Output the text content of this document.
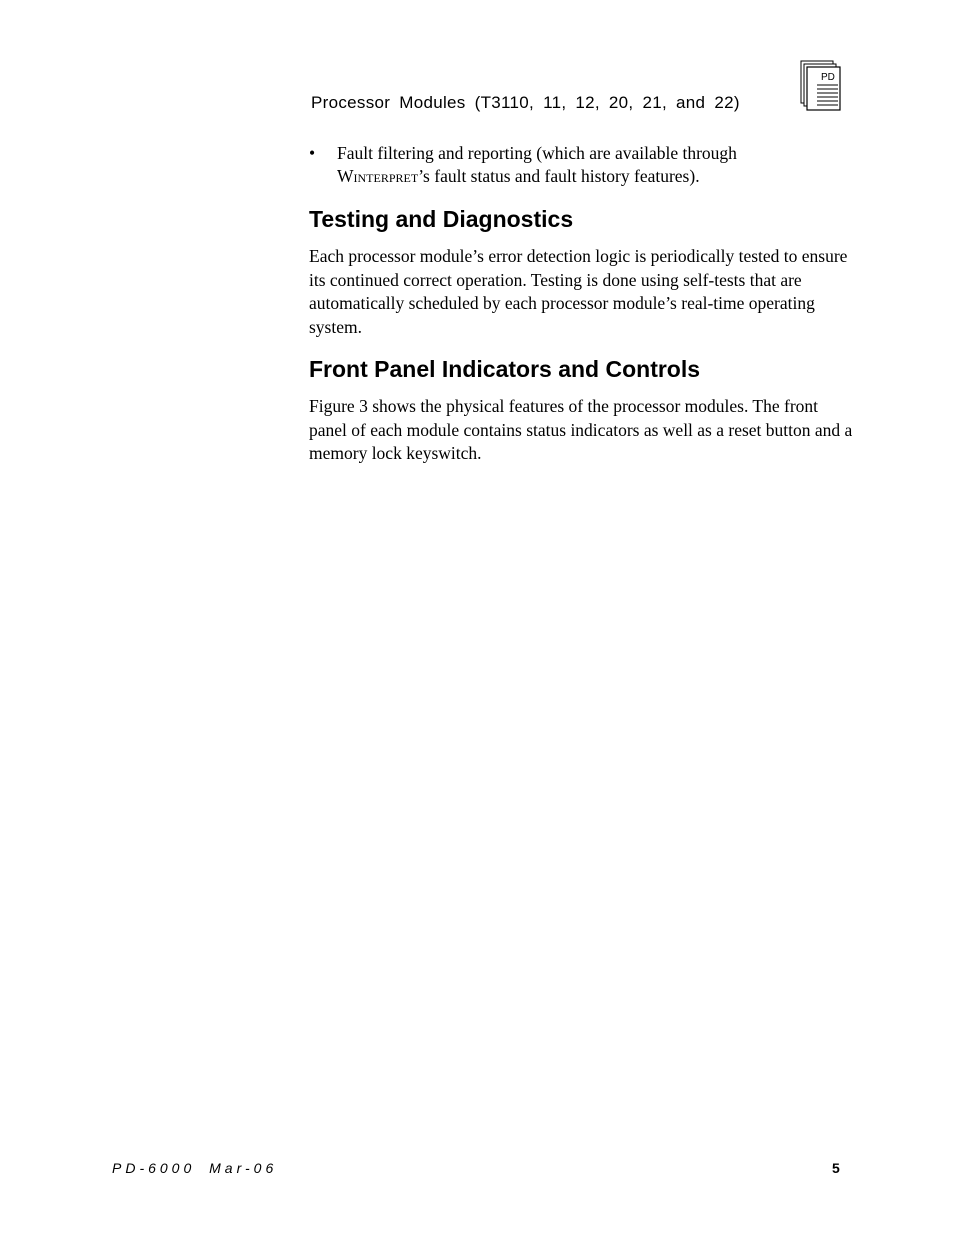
Processor Modules (T3110, 11, 12, 20, 21, and 22)
PD
• Fault filtering and reporting (which are available through
Winterpret’s fault status and fault history features).
Testing and Diagnostics

Each processor module’s error detection logic is periodically tested to ensure its continued correct operation. Testing is done using self-tests that are automatically scheduled by each processor module’s real-time operating system.

Front Panel Indicators and Controls

Figure 3 shows the physical features of the processor modules. The front panel of each module contains status indicators as well as a reset button and a memory lock keyswitch.

PD-6000 Mar-06	5
